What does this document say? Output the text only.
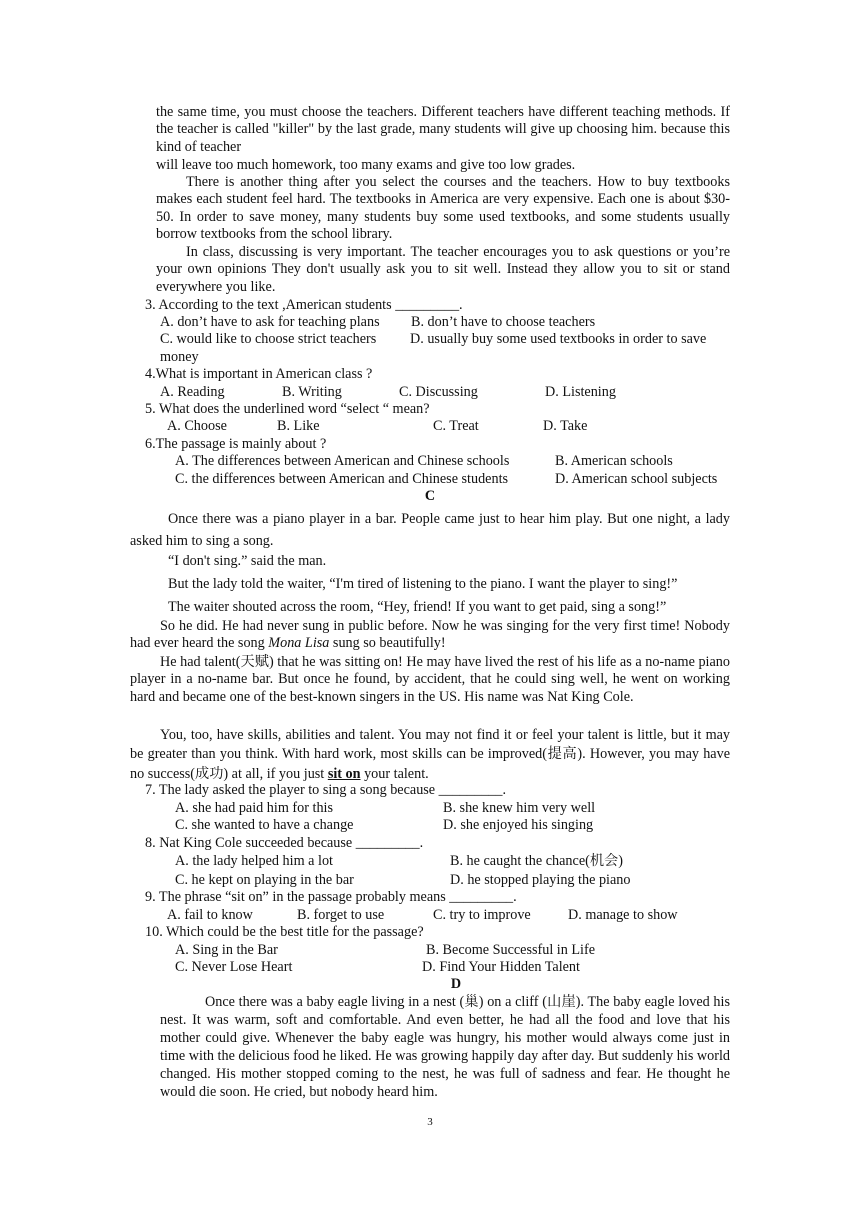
the same time, you must choose the teachers. Different teachers have different teaching methods. If the teacher is called "killer" by the last grade, many students will give up choosing him. because this kind of teacher
will leave too much homework, too many exams and give too low grades.
There is another thing after you select the courses and the teachers. How to buy textbooks makes each student feel hard. The textbooks in America are very expensive. Each one is about $30-50. In order to save money, many students buy some used textbooks, and some students usually borrow textbooks from the school library.
In class, discussing is very important. The teacher encourages you to ask questions or you’re your own opinions They don't usually ask you to sit well. Instead they allow you to sit or stand everywhere you like.
3. According to the text ,American students _________.
A. don’t have to ask for teaching plans B. don’t have to choose teachers
C. would like to choose strict teachers D. usually buy some used textbooks in order to save
money
4.What is important in American class ?
A. Reading	B. Writing	C. Discussing	D. Listening
5. What does the underlined word “select “ mean?
A. Choose	B. Like	C. Treat	D. Take
6.The passage is mainly about ?
A. The differences between American and Chinese schools	B. American schools
C. the differences between American and Chinese students	D. American school subjects
C
Once there was a piano player in a bar. People came just to hear him play. But one night, a lady asked him to sing a song.
“I don't sing.” said the man.
But the lady told the waiter, “I'm tired of listening to the piano. I want the player to sing!”
The waiter shouted across the room, “Hey, friend! If you want to get paid, sing a song!”
So he did. He had never sung in public before. Now he was singing for the very first time! Nobody had ever heard the song Mona Lisa sung so beautifully!
He had talent(天赋) that he was sitting on! He may have lived the rest of his life as a no-name piano player in a no-name bar. But once he found, by accident, that he could sing well, he went on working hard and became one of the best-known singers in the US. His name was Nat King Cole.
You, too, have skills, abilities and talent. You may not find it or feel your talent is little, but it may be greater than you think. With hard work, most skills can be improved(提高). However, you may have no success(成功) at all, if you just sit on your talent.
7. The lady asked the player to sing a song because _________.
A. she had paid him for this	B. she knew him very well
C. she wanted to have a change	D. she enjoyed his singing
8. Nat King Cole succeeded because _________.
A. the lady helped him a lot	B. he caught the chance(机会)
C. he kept on playing in the bar	D. he stopped playing the piano
9. The phrase “sit on” in the passage probably means _________.
A. fail to know	B. forget to use	C. try to improve	D. manage to show
10. Which could be the best title for the passage?
A. Sing in the Bar	B. Become Successful in Life
C. Never Lose Heart	D. Find Your Hidden Talent
D
Once there was a baby eagle living in a nest (巢) on a cliff (山崖). The baby eagle loved his nest. It was warm, soft and comfortable. And even better, he had all the food and love that his mother could give. Whenever the baby eagle was hungry, his mother would always come just in time with the delicious food he liked. He was growing happily day after day. But suddenly his world changed. His mother stopped coming to the nest, he was full of sadness and fear. He thought he would die soon. He cried, but nobody heard him.
3
